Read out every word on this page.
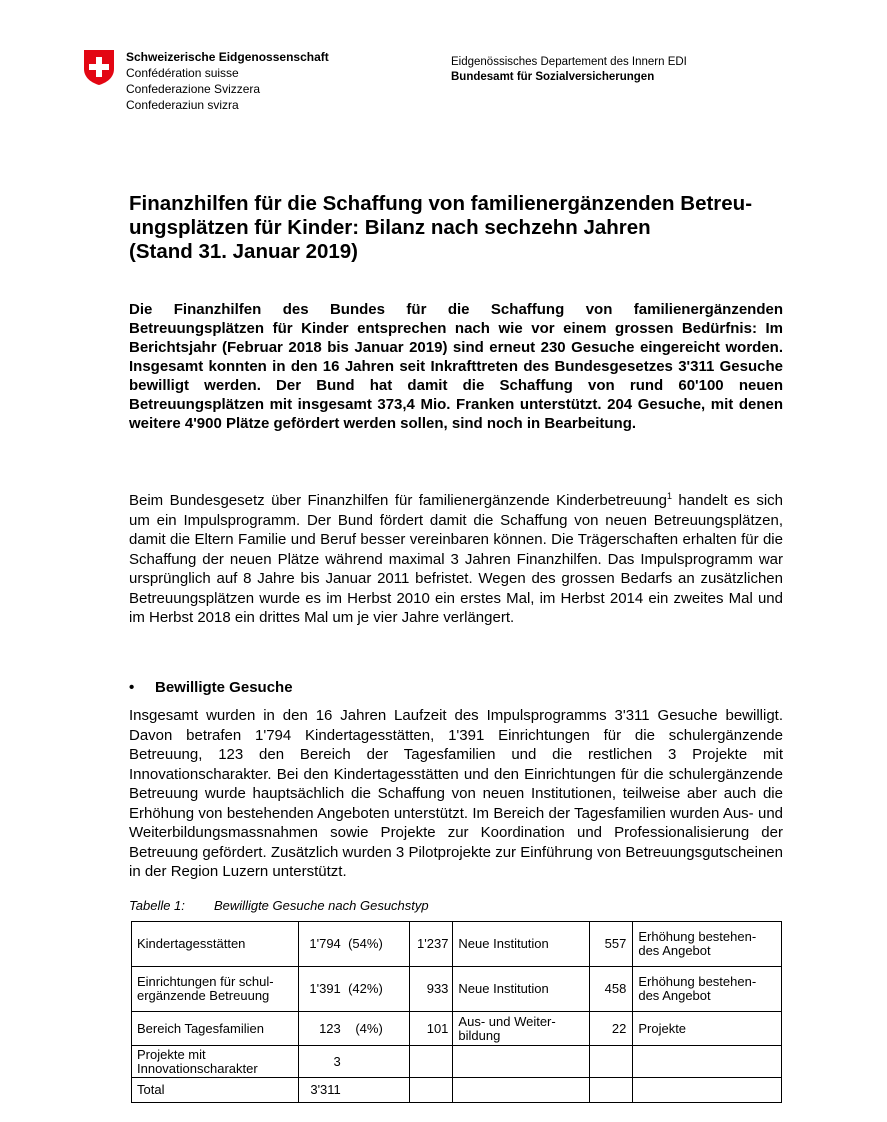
Schweizerische Eidgenossenschaft
Confédération suisse
Confederazione Svizzera
Confederaziun svizra
Eidgenössisches Departement des Innern EDI
Bundesamt für Sozialversicherungen
Finanzhilfen für die Schaffung von familienergänzenden Betreu-
ungsplätzen für Kinder: Bilanz nach sechzehn Jahren
(Stand 31. Januar 2019)

Die Finanzhilfen des Bundes für die Schaffung von familienergänzenden Betreuungsplätzen für Kinder entsprechen nach wie vor einem grossen Bedürfnis: Im Berichtsjahr (Februar 2018 bis Januar 2019) sind erneut 230 Gesuche eingereicht worden. Insgesamt konnten in den 16 Jahren seit Inkrafttreten des Bundesgesetzes 3'311 Gesuche bewilligt werden. Der Bund hat damit die Schaffung von rund 60'100 neuen Betreuungsplätzen mit insgesamt 373,4 Mio. Franken unterstützt. 204 Gesuche, mit denen weitere 4'900 Plätze gefördert werden sollen, sind noch in Bearbeitung.

Beim Bundesgesetz über Finanzhilfen für familienergänzende Kinderbetreuung$^1$ handelt es sich um ein Impulsprogramm. Der Bund fördert damit die Schaffung von neuen Betreuungsplätzen, damit die Eltern Familie und Beruf besser vereinbaren können. Die Trägerschaften erhalten für die Schaffung der neuen Plätze während maximal 3 Jahren Finanzhilfen. Das Impulsprogramm war ursprünglich auf 8 Jahre bis Januar 2011 befristet. Wegen des grossen Bedarfs an zusätzlichen Betreuungsplätzen wurde es im Herbst 2010 ein erstes Mal, im Herbst 2014 ein zweites Mal und im Herbst 2018 ein drittes Mal um je vier Jahre verlängert.

• Bewilligte Gesuche

Insgesamt wurden in den 16 Jahren Laufzeit des Impulsprogramms 3'311 Gesuche bewilligt. Davon betrafen 1'794 Kindertagesstätten, 1'391 Einrichtungen für die schulergänzende Betreuung, 123 den Bereich der Tagesfamilien und die restlichen 3 Projekte mit Innovationscharakter. Bei den Kindertagesstätten und den Einrichtungen für die schulergänzende Betreuung wurde hauptsächlich die Schaffung von neuen Institutionen, teilweise aber auch die Erhöhung von bestehenden Angeboten unterstützt. Im Bereich der Tagesfamilien wurden Aus- und Weiterbildungsmassnahmen sowie Projekte zur Koordination und Professionalisierung der Betreuung gefördert. Zusätzlich wurden 3 Pilotprojekte zur Einführung von Betreuungsgutscheinen in der Region Luzern unterstützt.

Tabelle 1: Bewilligte Gesuche nach Gesuchstyp
Kindertagesstätten	1'794 (54%)	1'237	Neue Institution	557	Erhöhung bestehen-des Angebot
Einrichtungen für schul-ergänzende Betreuung	1'391 (42%)	933	Neue Institution	458	Erhöhung bestehen-des Angebot
Bereich Tagesfamilien	123 (4%)	101	Aus- und Weiter-bildung	22	Projekte
Projekte mit Innovationscharakter	3				
Total	3'311				
